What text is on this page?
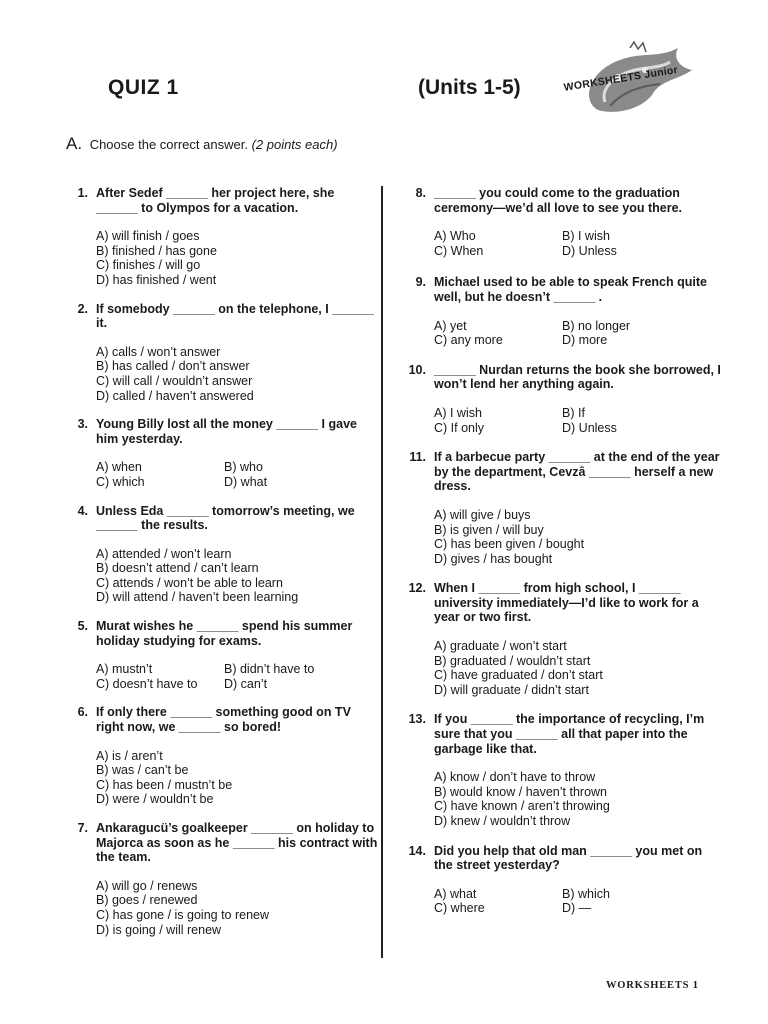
QUIZ 1	(Units 1-5)	WORKSHEETS Junior
A. Choose the correct answer. (2 points each)
1. After Sedef ______ her project here, she ______ to Olympos for a vacation.
A) will finish / goes
B) finished / has gone
C) finishes / will go
D) has finished / went
2. If somebody ______ on the telephone, I ______ it.
A) calls / won’t answer
B) has called / don’t answer
C) will call / wouldn’t answer
D) called / haven’t answered
3. Young Billy lost all the money ______ I gave him yesterday.
A) when	B) who
C) which	D) what
4. Unless Eda ______ tomorrow’s meeting, we ______ the results.
A) attended / won’t learn
B) doesn’t attend / can’t learn
C) attends / won’t be able to learn
D) will attend / haven’t been learning
5. Murat wishes he ______ spend his summer holiday studying for exams.
A) mustn’t	B) didn’t have to
C) doesn’t have to	D) can’t
6. If only there ______ something good on TV right now, we ______ so bored!
A) is / aren’t
B) was / can’t be
C) has been / mustn’t be
D) were / wouldn’t be
7. Ankaragucü’s goalkeeper ______ on holiday to Majorca as soon as he ______ his contract with the team.
A) will go / renews
B) goes / renewed
C) has gone / is going to renew
D) is going / will renew
8. ______ you could come to the graduation ceremony—we’d all love to see you there.
A) Who	B) I wish
C) When	D) Unless
9. Michael used to be able to speak French quite well, but he doesn’t ______ .
A) yet	B) no longer
C) any more	D) more
10. ______ Nurdan returns the book she borrowed, I won’t lend her anything again.
A) I wish	B) If
C) If only	D) Unless
11. If a barbecue party ______ at the end of the year by the department, Cevzâ ______ herself a new dress.
A) will give / buys
B) is given / will buy
C) has been given / bought
D) gives / has bought
12. When I ______ from high school, I ______ university immediately—I’d like to work for a year or two first.
A) graduate / won’t start
B) graduated / wouldn’t start
C) have graduated / don’t start
D) will graduate / didn’t start
13. If you ______ the importance of recycling, I’m sure that you ______ all that paper into the garbage like that.
A) know / don’t have to throw
B) would know / haven’t thrown
C) have known / aren’t throwing
D) knew / wouldn’t throw
14. Did you help that old man ______ you met on the street yesterday?
A) what	B) which
C) where	D) —
WORKSHEETS 1
